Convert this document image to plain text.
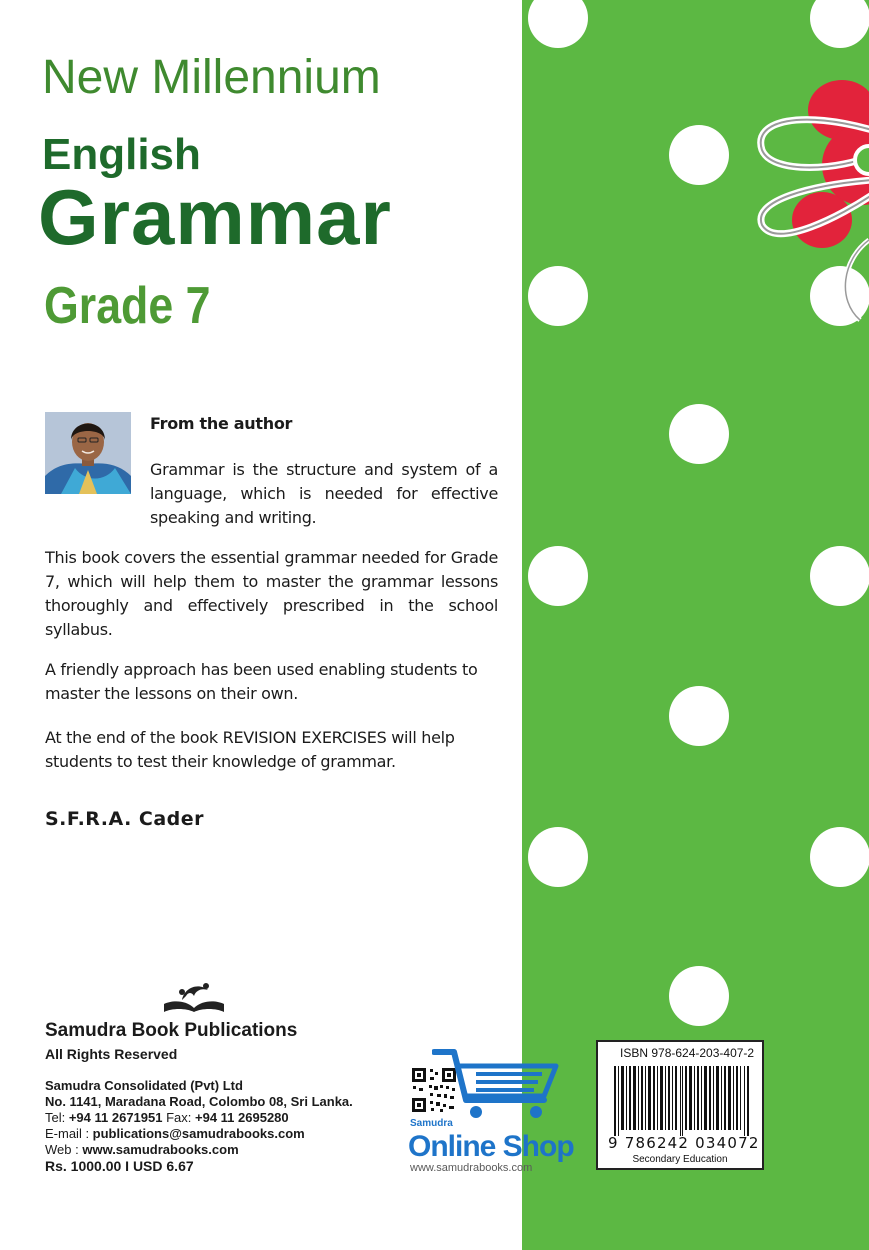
New Millennium
English
Grammar
Grade 7
From the author

Grammar is the structure and system of a language, which is needed for effective speaking and writing.

This book covers the essential grammar needed for Grade 7, which will help them to master the grammar lessons thoroughly and effectively prescribed in the school syllabus.

A friendly approach has been used enabling students to master the lessons on their own.

At the end of the book REVISION EXERCISES will help students to test their knowledge of grammar.

S.F.R.A. Cader
Samudra Book Publications
All Rights Reserved
Samudra Consolidated (Pvt) Ltd
No. 1141, Maradana Road, Colombo 08, Sri Lanka.
Tel: +94 11 2671951 Fax: +94 11 2695280
E-mail : publications@samudrabooks.com
Web : www.samudrabooks.com
Rs. 1000.00 I USD 6.67
Samudra
Online Shop
www.samudrabooks.com
ISBN 978-624-203-407-2
9 786242 034072
Secondary Education
